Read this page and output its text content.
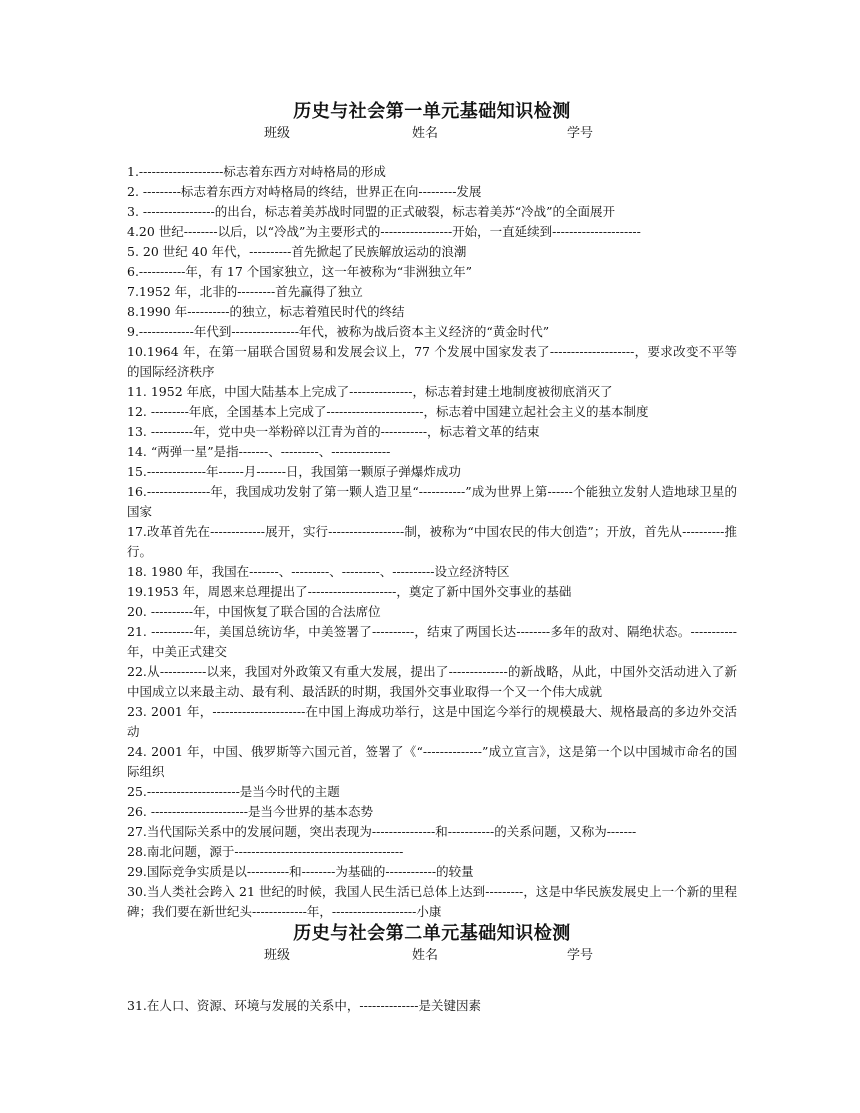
历史与社会第一单元基础知识检测
班级	姓名	学号

1.--------------------标志着东西方对峙格局的形成

2. ---------标志着东西方对峙格局的终结，世界正在向---------发展

3. -----------------的出台，标志着美苏战时同盟的正式破裂，标志着美苏“冷战”的全面展开

4.20 世纪--------以后，以“冷战”为主要形式的-----------------开始，一直延续到---------------------

5. 20 世纪 40 年代，----------首先掀起了民族解放运动的浪潮

6.-----------年，有 17 个国家独立，这一年被称为“非洲独立年”

7.1952 年，北非的---------首先赢得了独立

8.1990 年----------的独立，标志着殖民时代的终结

9.-------------年代到----------------年代，被称为战后资本主义经济的“黄金时代”

10.1964 年，在第一届联合国贸易和发展会议上，77 个发展中国家发表了--------------------，要求改变不平等的国际经济秩序

11. 1952 年底，中国大陆基本上完成了---------------，标志着封建土地制度被彻底消灭了

12. ---------年底，全国基本上完成了-----------------------，标志着中国建立起社会主义的基本制度

13. ----------年，党中央一举粉碎以江青为首的-----------，标志着文革的结束

14. “两弹一星”是指-------、---------、--------------

15.--------------年------月-------日，我国第一颗原子弹爆炸成功

16.---------------年，我国成功发射了第一颗人造卫星“-----------”成为世界上第------个能独立发射人造地球卫星的国家

17.改革首先在-------------展开，实行------------------制，被称为“中国农民的伟大创造”；开放，首先从----------推行。

18. 1980 年，我国在-------、---------、---------、----------设立经济特区

19.1953 年，周恩来总理提出了---------------------，奠定了新中国外交事业的基础

20. ----------年，中国恢复了联合国的合法席位

21. ----------年，美国总统访华，中美签署了----------，结束了两国长达--------多年的敌对、隔绝状态。-----------年，中美正式建交

22.从-----------以来，我国对外政策又有重大发展，提出了--------------的新战略，从此，中国外交活动进入了新中国成立以来最主动、最有利、最活跃的时期，我国外交事业取得一个又一个伟大成就

23. 2001 年，----------------------在中国上海成功举行，这是中国迄今举行的规模最大、规格最高的多边外交活动

24. 2001 年，中国、俄罗斯等六国元首，签署了《“--------------”成立宣言》，这是第一个以中国城市命名的国际组织

25.----------------------是当今时代的主题

26. -----------------------是当今世界的基本态势

27.当代国际关系中的发展问题，突出表现为---------------和-----------的关系问题，又称为-------

28.南北问题，源于----------------------------------------

29.国际竞争实质是以----------和--------为基础的------------的较量

30.当人类社会跨入 21 世纪的时候，我国人民生活已总体上达到---------，这是中华民族发展史上一个新的里程碑；我们要在新世纪头-------------年，--------------------小康

历史与社会第二单元基础知识检测
班级	姓名	学号

31.在人口、资源、环境与发展的关系中，--------------是关键因素
